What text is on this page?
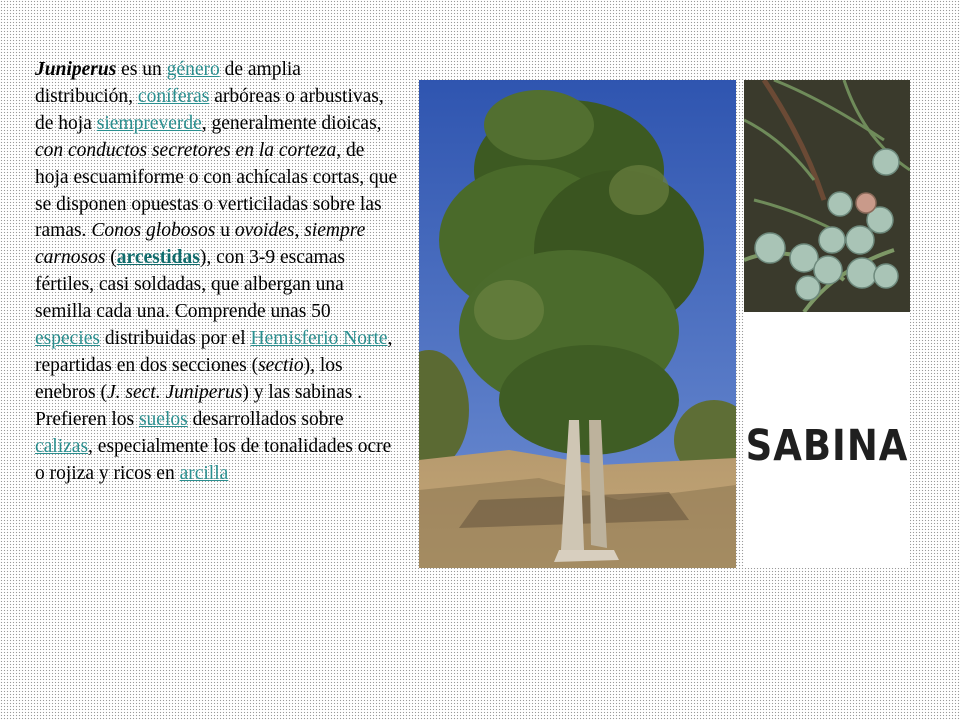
Juniperus es un género de amplia distribución, coníferas arbóreas o arbustivas, de hoja siempreverde, generalmente dioicas, con conductos secretores en la corteza, de hoja escuamiforme o con achícalas cortas, que se disponen opuestas o verticiladas sobre las ramas. Conos globosos u ovoides, siempre carnosos (arcestidas), con 3-9 escamas fértiles, casi soldadas, que albergan una semilla cada una. Comprende unas 50 especies distribuidas por el Hemisferio Norte, repartidas en dos secciones (sectio), los enebros (J. sect. Juniperus) y las sabinas . Prefieren los suelos desarrollados sobre calizas, especialmente los de tonalidades ocre o rojiza y ricos en arcilla
SABINA
